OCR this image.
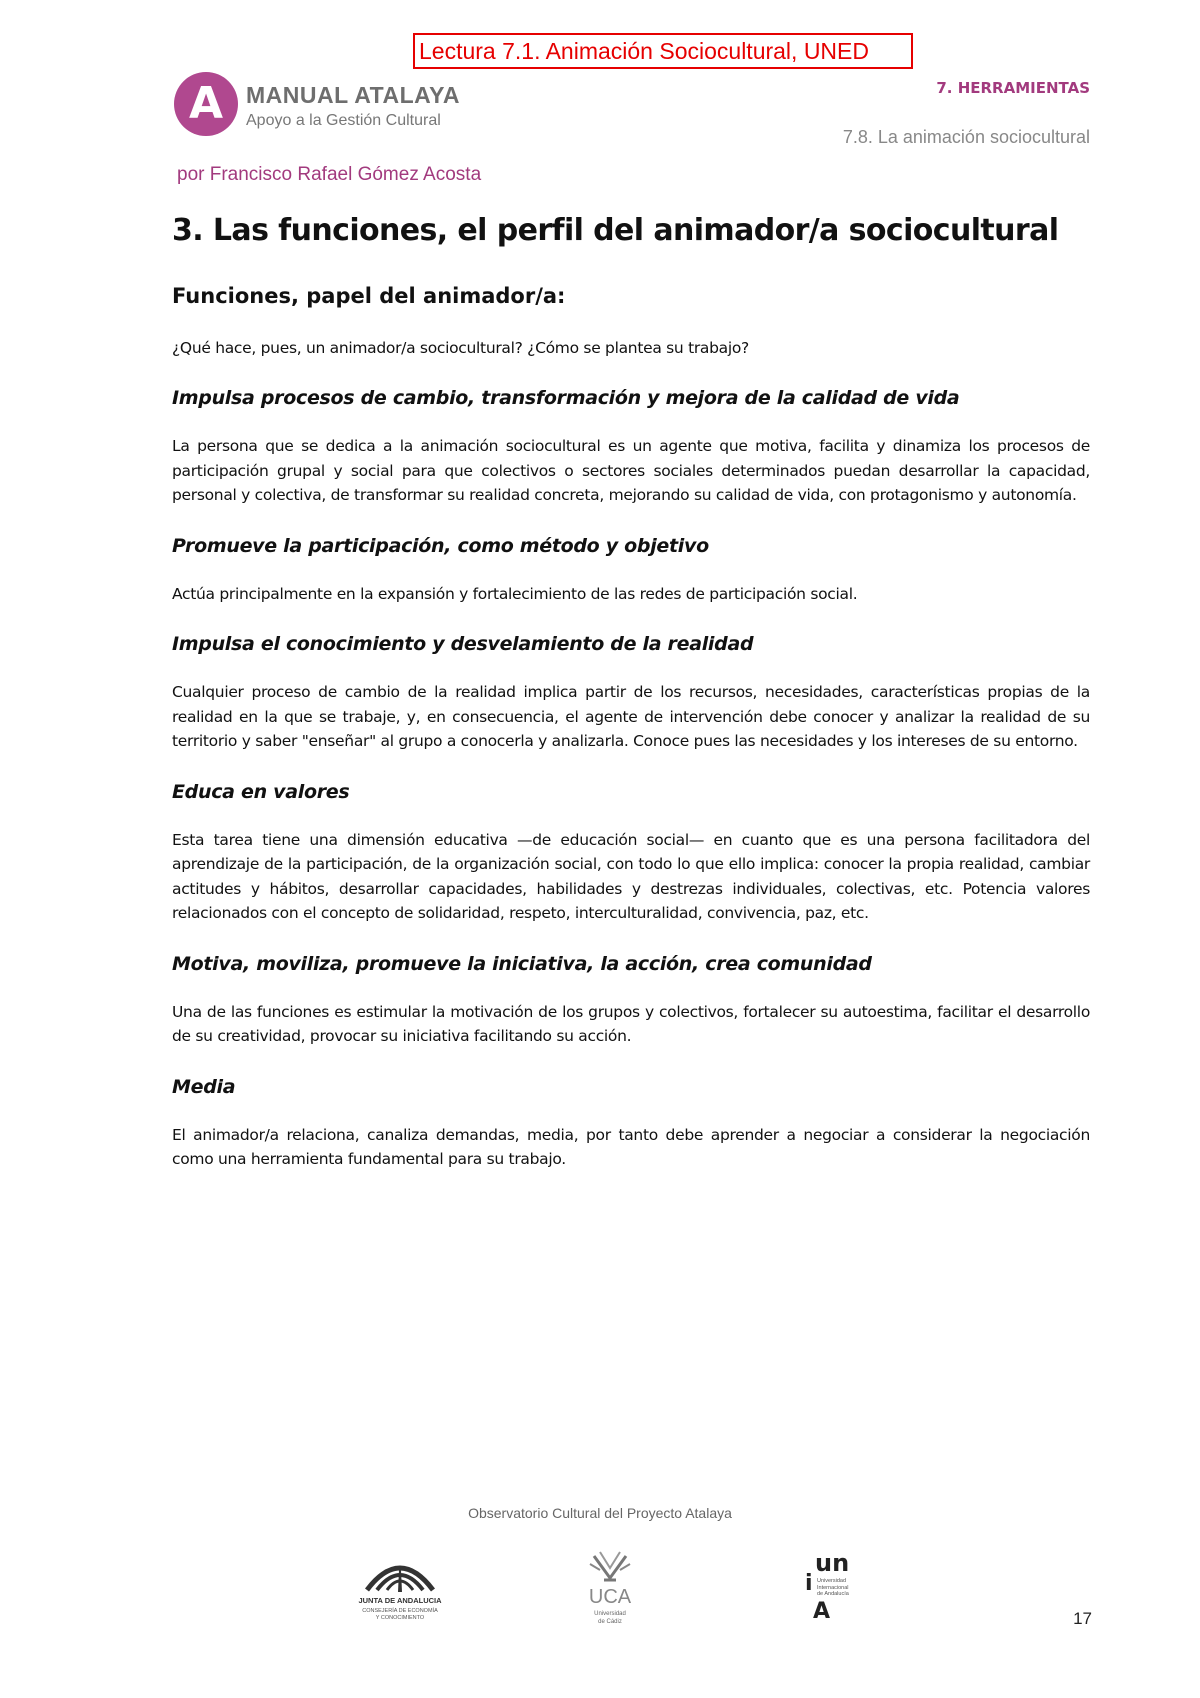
Lectura 7.1. Animación Sociocultural, UNED
A MANUAL ATALAYA
Apoyo a la Gestión Cultural
7. HERRAMIENTAS
7.8. La animación sociocultural
por Francisco Rafael Gómez Acosta
3. Las funciones, el perfil del animador/a sociocultural
Funciones, papel del animador/a:

¿Qué hace, pues, un animador/a sociocultural? ¿Cómo se plantea su trabajo?

Impulsa procesos de cambio, transformación y mejora de la calidad de vida

La persona que se dedica a la animación sociocultural es un agente que motiva, facilita y dinamiza los procesos de participación grupal y social para que colectivos o sectores sociales determinados puedan desarrollar la capacidad, personal y colectiva, de transformar su realidad concreta, mejorando su calidad de vida, con protagonismo y autonomía.

Promueve la participación, como método y objetivo

Actúa principalmente en la expansión y fortalecimiento de las redes de participación social.

Impulsa el conocimiento y desvelamiento de la realidad

Cualquier proceso de cambio de la realidad implica partir de los recursos, necesidades, características propias de la realidad en la que se trabaje, y, en consecuencia, el agente de intervención debe conocer y analizar la realidad de su territorio y saber "enseñar" al grupo a conocerla y analizarla. Conoce pues las necesidades y los intereses de su entorno.

Educa en valores

Esta tarea tiene una dimensión educativa —de educación social— en cuanto que es una persona facilitadora del aprendizaje de la participación, de la organización social, con todo lo que ello implica: conocer la propia realidad, cambiar actitudes y hábitos, desarrollar capacidades, habilidades y destrezas individuales, colectivas, etc. Potencia valores relacionados con el concepto de solidaridad, respeto, interculturalidad, convivencia, paz, etc.

Motiva, moviliza, promueve la iniciativa, la acción, crea comunidad

Una de las funciones es estimular la motivación de los grupos y colectivos, fortalecer su autoestima, facilitar el desarrollo de su creatividad, provocar su iniciativa facilitando su acción.

Media

El animador/a relaciona, canaliza demandas, media, por tanto debe aprender a negociar a considerar la negociación como una herramienta fundamental para su trabajo.

Observatorio Cultural del Proyecto Atalaya
JUNTA DE ANDALUCIA
CONSEJERÍA DE ECONOMÍA
Y CONOCIMIENTO
UCA
Universidad
de Cádiz
i
un
Universidad
Internacional
de Andalucía
A	17
